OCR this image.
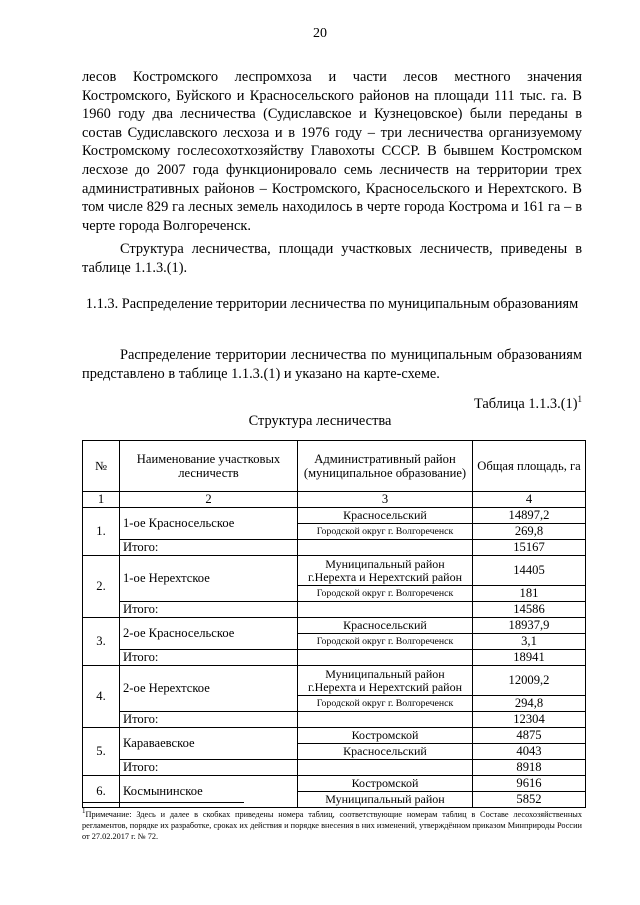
20

лесов Костромского леспромхоза и части лесов местного значения Костромского, Буйского и Красносельского районов на площади 111 тыс. га. В 1960 году два лесничества (Судиславское и Кузнецовское) были переданы в состав Судиславского лесхоза и в 1976 году – три лесничества организуемому Костромскому гослесохотхозяйству Главохоты СССР. В бывшем Костромском лесхозе до 2007 года функционировало семь лесничеств на территории трех административных районов – Костромского, Красносельского и Нерехтского. В том числе 829 га лесных земель находилось в черте города Кострома и 161 га – в черте города Волгореченск.

Структура лесничества, площади участковых лесничеств, приведены в таблице 1.1.3.(1).

1.1.3. Распределение территории лесничества по муниципальным образованиям

Распределение территории лесничества по муниципальным образованиям представлено в таблице 1.1.3.(1) и указано на карте-схеме.

Таблица $1.1.3.(1)^1$
Структура лесничества
№	Наименование участковых лесничеств	Административный район (муниципальное образование)	Общая площадь, га
1	2	3	4
1.	1-ое Красносельское	Красносельский	14897,2
		Городской округ г. Волгореченск	269,8
	Итого:		15167
2.	1-ое Нерехтское	Муниципальный район г.Нерехта и Нерехтский район	14405
		Городской округ г. Волгореченск	181
	Итого:		14586
3.	2-ое Красносельское	Красносельский	18937,9
		Городской округ г. Волгореченск	3,1
	Итого:		18941
4.	2-ое Нерехтское	Муниципальный район г.Нерехта и Нерехтский район	12009,2
		Городской округ г. Волгореченск	294,8
	Итого:		12304
5.	Караваевское	Костромской	4875
		Красносельский	4043
	Итого:		8918
6.	Космынинское	Костромской	9616
		Муниципальный район	5852

$^1$Примечание: Здесь и далее в скобках приведены номера таблиц, соответствующие номерам таблиц в Составе лесохозяйственных регламентов, порядке их разработке, сроках их действия и порядке внесения в них изменений, утверждённом приказом Минприроды России от 27.02.2017 г. № 72.
